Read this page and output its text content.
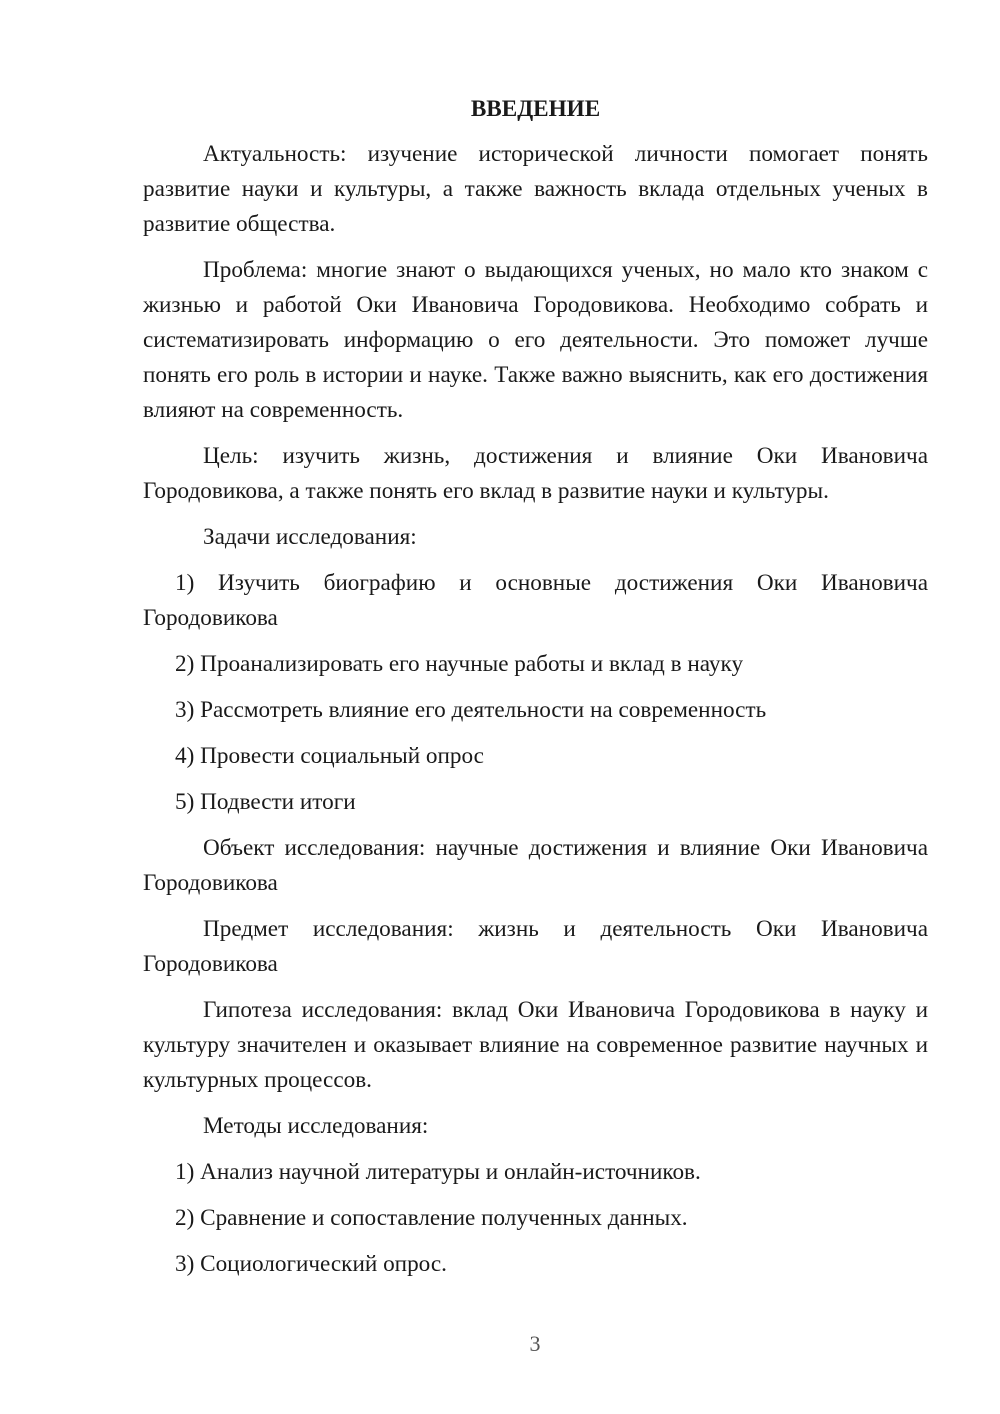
ВВЕДЕНИЕ

Актуальность: изучение исторической личности помогает понять развитие науки и культуры, а также важность вклада отдельных ученых в развитие общества.

Проблема: многие знают о выдающихся ученых, но мало кто знаком с жизнью и работой Оки Ивановича Городовикова. Необходимо собрать и систематизировать информацию о его деятельности. Это поможет лучше понять его роль в истории и науке. Также важно выяснить, как его достижения влияют на современность.

Цель: изучить жизнь, достижения и влияние Оки Ивановича Городовикова, а также понять его вклад в развитие науки и культуры.

Задачи исследования:

1) Изучить биографию и основные достижения Оки Ивановича Городовикова

2) Проанализировать его научные работы и вклад в науку

3) Рассмотреть влияние его деятельности на современность

4) Провести социальный опрос

5) Подвести итоги

Объект исследования: научные достижения и влияние Оки Ивановича Городовикова

Предмет исследования: жизнь и деятельность Оки Ивановича Городовикова

Гипотеза исследования: вклад Оки Ивановича Городовикова в науку и культуру значителен и оказывает влияние на современное развитие научных и культурных процессов.

Методы исследования:

1) Анализ научной литературы и онлайн-источников.

2) Сравнение и сопоставление полученных данных.

3) Социологический опрос.

3
